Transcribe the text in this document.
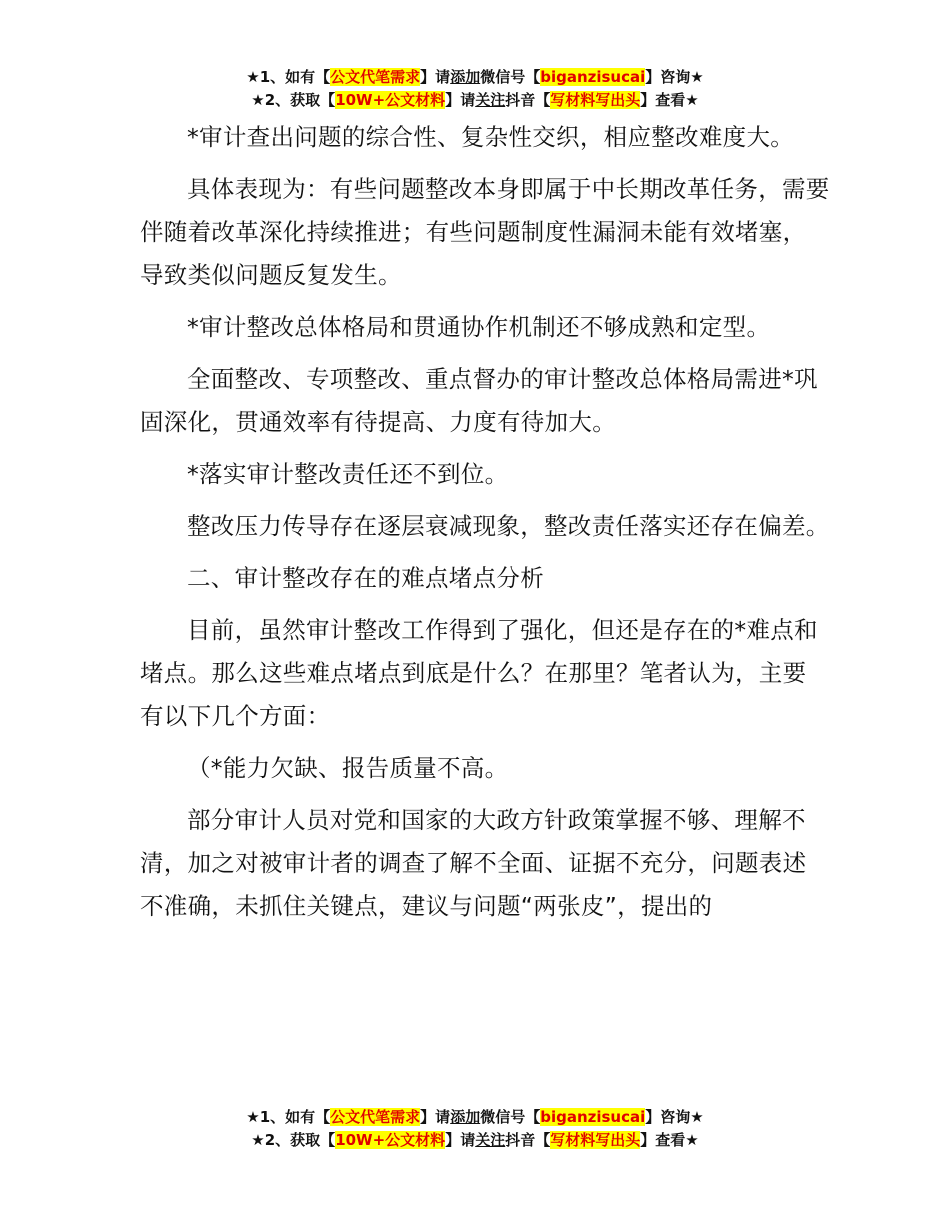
★1、如有【公文代笔需求】请添加微信号【biganzisucai】咨询★
★2、获取【10W+公文材料】请关注抖音【写材料写出头】查看★

*审计查出问题的综合性、复杂性交织，相应整改难度大。

具体表现为：有些问题整改本身即属于中长期改革任务，需要伴随着改革深化持续推进；有些问题制度性漏洞未能有效堵塞，导致类似问题反复发生。

*审计整改总体格局和贯通协作机制还不够成熟和定型。

全面整改、专项整改、重点督办的审计整改总体格局需进*巩固深化，贯通效率有待提高、力度有待加大。

*落实审计整改责任还不到位。

整改压力传导存在逐层衰减现象，整改责任落实还存在偏差。

二、审计整改存在的难点堵点分析

目前，虽然审计整改工作得到了强化，但还是存在的*难点和堵点。那么这些难点堵点到底是什么？在那里？笔者认为，主要有以下几个方面：

（*能力欠缺、报告质量不高。

部分审计人员对党和国家的大政方针政策掌握不够、理解不清，加之对被审计者的调查了解不全面、证据不充分，问题表述不准确，未抓住关键点，建议与问题“两张皮”，提出的

★1、如有【公文代笔需求】请添加微信号【biganzisucai】咨询★
★2、获取【10W+公文材料】请关注抖音【写材料写出头】查看★
